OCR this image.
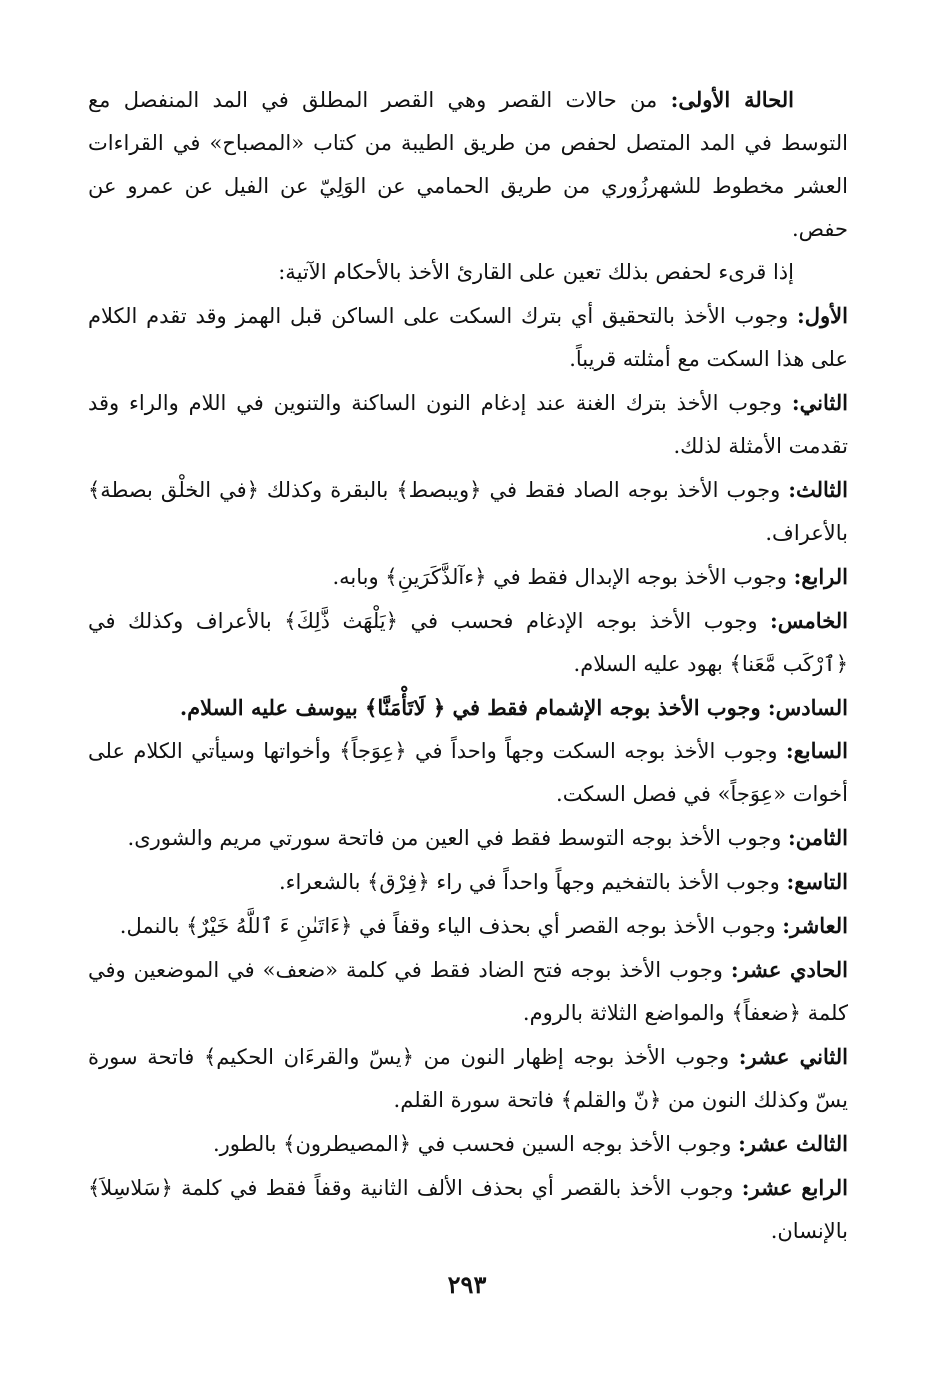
الحالة الأولى: من حالات القصر وهي القصر المطلق في المد المنفصل مع التوسط في المد المتصل لحفص من طريق الطيبة من كتاب «المصباح» في القراءات العشر مخطوط للشهرزُوري من طريق الحمامي عن الوَلِيّ عن الفيل عن عمرو عن حفص.

إذا قرىء لحفص بذلك تعين على القارئ الأخذ بالأحكام الآتية:

الأول: وجوب الأخذ بالتحقيق أي بترك السكت على الساكن قبل الهمز وقد تقدم الكلام على هذا السكت مع أمثلته قريباً.

الثاني: وجوب الأخذ بترك الغنة عند إدغام النون الساكنة والتنوين في اللام والراء وقد تقدمت الأمثلة لذلك.

الثالث: وجوب الأخذ بوجه الصاد فقط في ﴿ويبصط﴾ بالبقرة وكذلك ﴿في الخلْق بصطة﴾ بالأعراف.

الرابع: وجوب الأخذ بوجه الإبدال فقط في ﴿ءآلذَّكَرَينِ﴾ وبابه.

الخامس: وجوب الأخذ بوجه الإدغام فحسب في ﴿يَلْهَث ذَّلِكَ﴾ بالأعراف وكذلك في ﴿ٱرْكَب مَّعَنا﴾ بهود عليه السلام.

السادس: وجوب الأخذ بوجه الإشمام فقط في ﴿ لَاتَأْمَنَّا﴾ بيوسف عليه السلام.

السابع: وجوب الأخذ بوجه السكت وجهاً واحداً في ﴿عِوَجاً﴾ وأخواتها وسيأتي الكلام على أخوات «عِوَجاً» في فصل السكت.

الثامن: وجوب الأخذ بوجه التوسط فقط في العين من فاتحة سورتي مريم والشورى.

التاسع: وجوب الأخذ بالتفخيم وجهاً واحداً في راء ﴿فِرْق﴾ بالشعراء.

العاشر: وجوب الأخذ بوجه القصر أي بحذف الياء وقفاً في ﴿ءَاتَىٰنِ ءَ ٱللَّهُ خَيْرٌ﴾ بالنمل.

الحادي عشر: وجوب الأخذ بوجه فتح الضاد فقط في كلمة «ضعف» في الموضعين وفي كلمة ﴿ضعفاً﴾ والمواضع الثلاثة بالروم.

الثاني عشر: وجوب الأخذ بوجه إظهار النون من ﴿يسّ والقرءَان الحكيم﴾ فاتحة سورة يسّ وكذلك النون من ﴿نّ والقلم﴾ فاتحة سورة القلم.

الثالث عشر: وجوب الأخذ بوجه السين فحسب في ﴿المصيطرون﴾ بالطور.

الرابع عشر: وجوب الأخذ بالقصر أي بحذف الألف الثانية وقفاً فقط في كلمة ﴿سَلاسِلاَ﴾ بالإنسان.

٢٩٣
